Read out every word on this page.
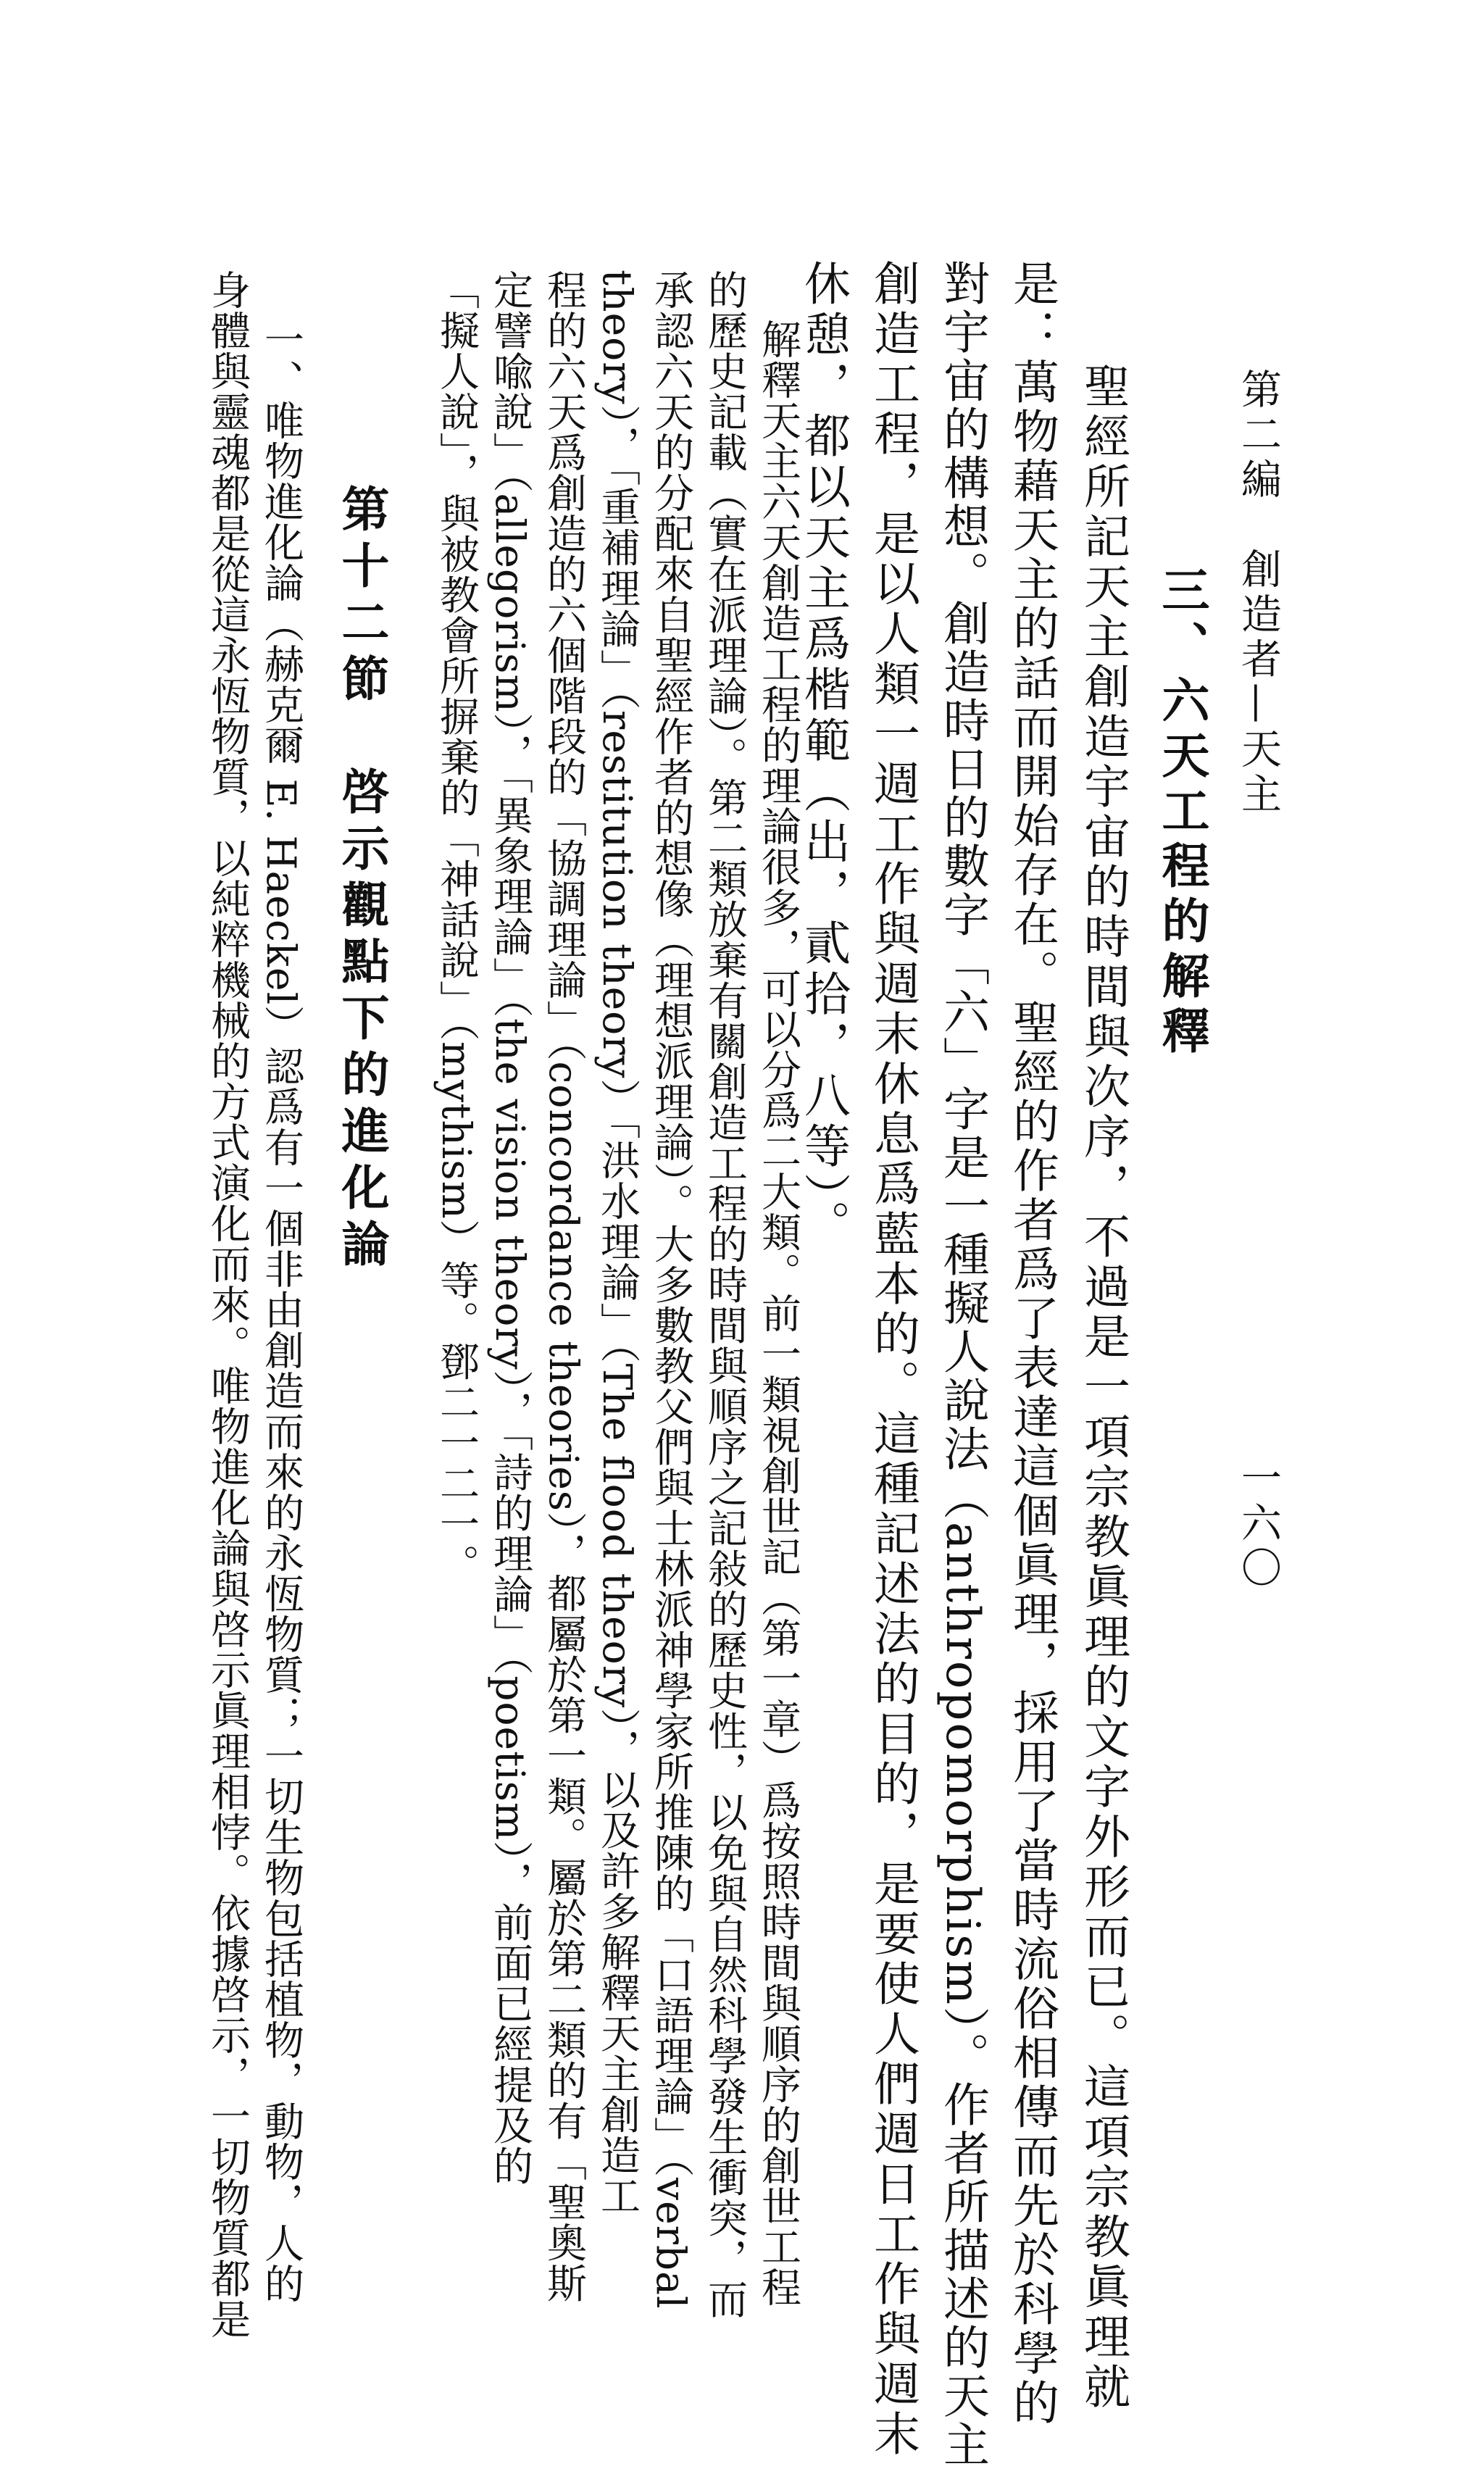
第二編　創造者—天主
一六〇
三、六天工程的解釋
聖經所記天主創造宇宙的時間與次序，不過是一項宗教眞理的文字外形而已。這項宗教眞理就
是：萬物藉天主的話而開始存在。聖經的作者爲了表達這個眞理，採用了當時流俗相傳而先於科學的
對宇宙的構想。創造時日的數字「六」字是一種擬人說法（anthropomorphism）。作者所描述的天主
創造工程，是以人類一週工作與週末休息爲藍本的。這種記述法的目的，是要使人們週日工作與週末
休憩，都以天主爲楷範（出，貳拾，八等）。
解釋天主六天創造工程的理論很多，可以分爲二大類。前一類視創世記（第一章）爲按照時間與順序的創世工程
的歷史記載（實在派理論）。第二類放棄有關創造工程的時間與順序之記敍的歷史性，以免與自然科學發生衝突，而
承認六天的分配來自聖經作者的想像（理想派理論）。大多數教父們與士林派神學家所推陳的「口語理論」（verbal
theory），「重補理論」（restitution theory）「洪水理論」（The flood theory），以及許多解釋天主創造工
程的六天爲創造的六個階段的「協調理論」（concordance theories），都屬於第一類。屬於第二類的有「聖奧斯
定譬喩說」（allegorism），「異象理論」（the vision theory），「詩的理論」（poetism），前面已經提及的
「擬人說」，與被教會所摒棄的「神話說」（mythism）等。鄧二一二一。
第十二節　啓示觀點下的進化論
一、唯物進化論（赫克爾 E. Haeckel）認爲有一個非由創造而來的永恆物質；一切生物包括植物，動物，人的
身體與靈魂都是從這永恆物質，以純粹機械的方式演化而來。唯物進化論與啓示眞理相悖。依據啓示，一切物質都是
